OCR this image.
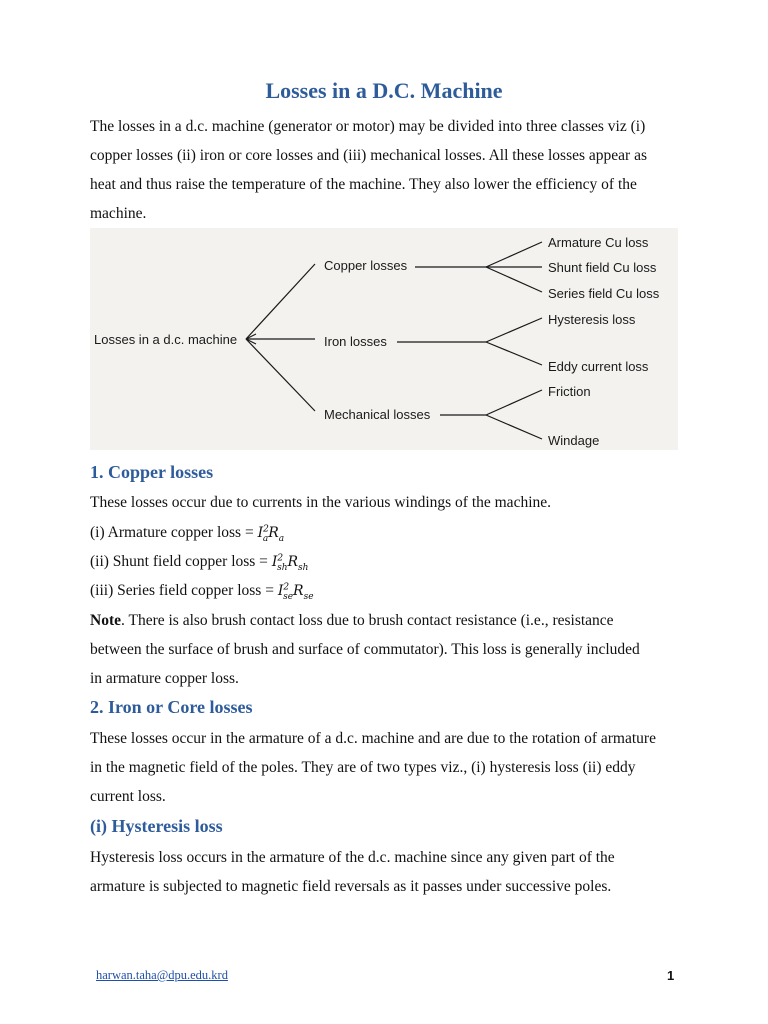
Losses in a D.C. Machine
The losses in a d.c. machine (generator or motor) may be divided into three classes viz (i)
copper losses (ii) iron or core losses and (iii) mechanical losses. All these losses appear as
heat and thus raise the temperature of the machine. They also lower the efficiency of the
machine.
Losses in a d.c. machine
Copper losses
Iron losses
Mechanical losses
Armature Cu loss
Shunt field Cu loss
Series field Cu loss
Hysteresis loss
Eddy current loss
Friction
Windage
1. Copper losses
These losses occur due to currents in the various windings of the machine.
(i) Armature copper loss = $I^2_aR_a$
(ii) Shunt field copper loss = $I^2_{sh}R_{sh}$
(iii) Series field copper loss = $I^2_{se}R_{se}$
Note. There is also brush contact loss due to brush contact resistance (i.e., resistance
between the surface of brush and surface of commutator). This loss is generally included
in armature copper loss.
2. Iron or Core losses
These losses occur in the armature of a d.c. machine and are due to the rotation of armature
in the magnetic field of the poles. They are of two types viz., (i) hysteresis loss (ii) eddy
current loss.
(i) Hysteresis loss
Hysteresis loss occurs in the armature of the d.c. machine since any given part of the
armature is subjected to magnetic field reversals as it passes under successive poles.
harwan.taha@dpu.edu.krd	1
